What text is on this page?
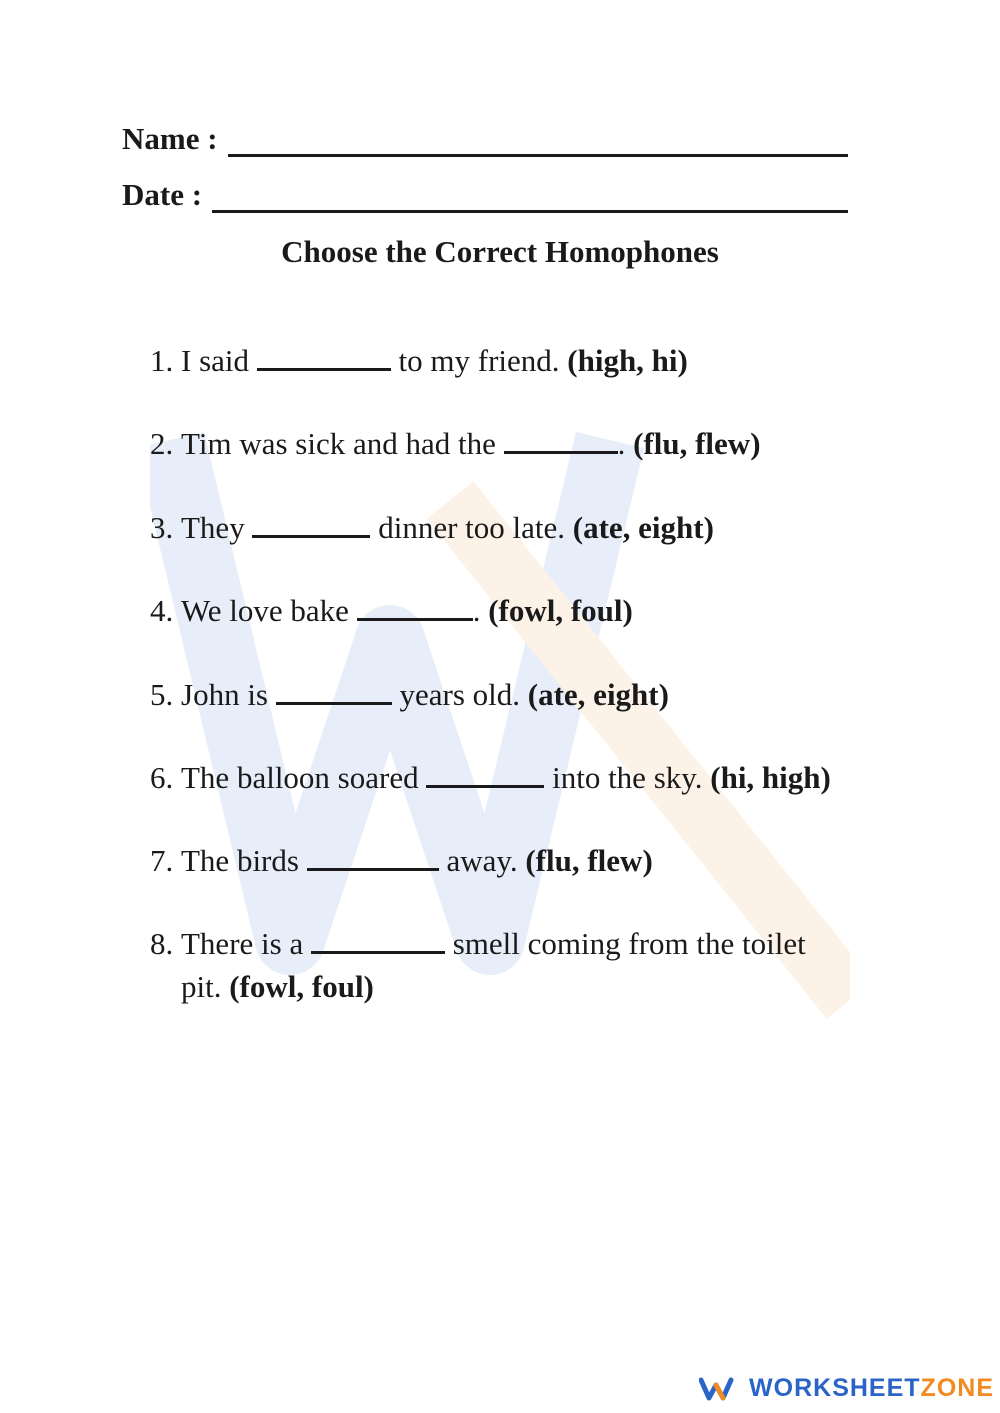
Name :
Date :
Choose the Correct Homophones
1. I said	to my friend. (high, hi)
2. Tim was sick and had the	. (flu, flew)
3. They	dinner too late. (ate, eight)
4. We love bake	. (fowl, foul)
5. John is	years old. (ate, eight)
6. The balloon soared	into the sky. (hi, high)
7. The birds	away. (flu, flew)
8. There is a	smell coming from the toilet
pit. (fowl, foul)
WORKSHEET ZONE
